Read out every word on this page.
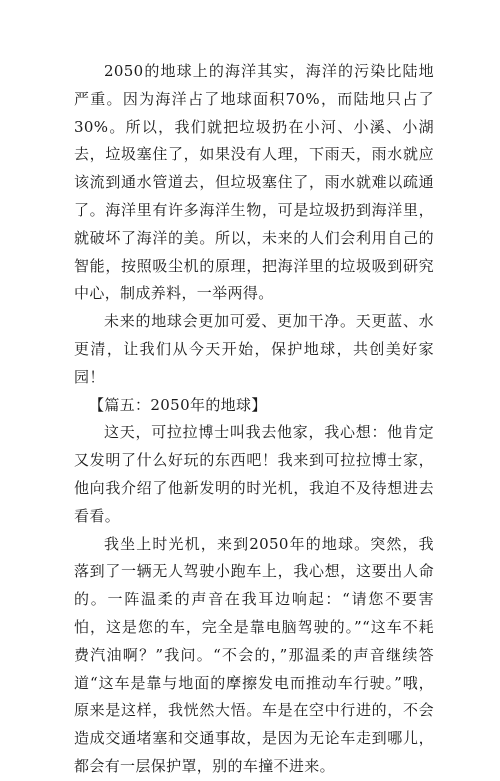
2050的地球上的海洋其实，海洋的污染比陆地严重。因为海洋占了地球面积70%，而陆地只占了30%。所以，我们就把垃圾扔在小河、小溪、小湖去，垃圾塞住了，如果没有人理，下雨天，雨水就应该流到通水管道去，但垃圾塞住了，雨水就难以疏通了。海洋里有许多海洋生物，可是垃圾扔到海洋里，就破坏了海洋的美。所以，未来的人们会利用自己的智能，按照吸尘机的原理，把海洋里的垃圾吸到研究中心，制成养料，一举两得。

未来的地球会更加可爱、更加干净。天更蓝、水更清，让我们从今天开始，保护地球，共创美好家园！

【篇五：2050年的地球】

这天，可拉拉博士叫我去他家，我心想：他肯定又发明了什么好玩的东西吧！我来到可拉拉博士家，他向我介绍了他新发明的时光机，我迫不及待想进去看看。

我坐上时光机，来到2050年的地球。突然，我落到了一辆无人驾驶小跑车上，我心想，这要出人命的。一阵温柔的声音在我耳边响起：“请您不要害怕，这是您的车，完全是靠电脑驾驶的。”“这车不耗费汽油啊？”我问。“不会的，”那温柔的声音继续答道“这车是靠与地面的摩擦发电而推动车行驶。”哦，原来是这样，我恍然大悟。车是在空中行进的，不会造成交通堵塞和交通事故，是因为无论车走到哪儿，都会有一层保护罩，别的车撞不进来。
